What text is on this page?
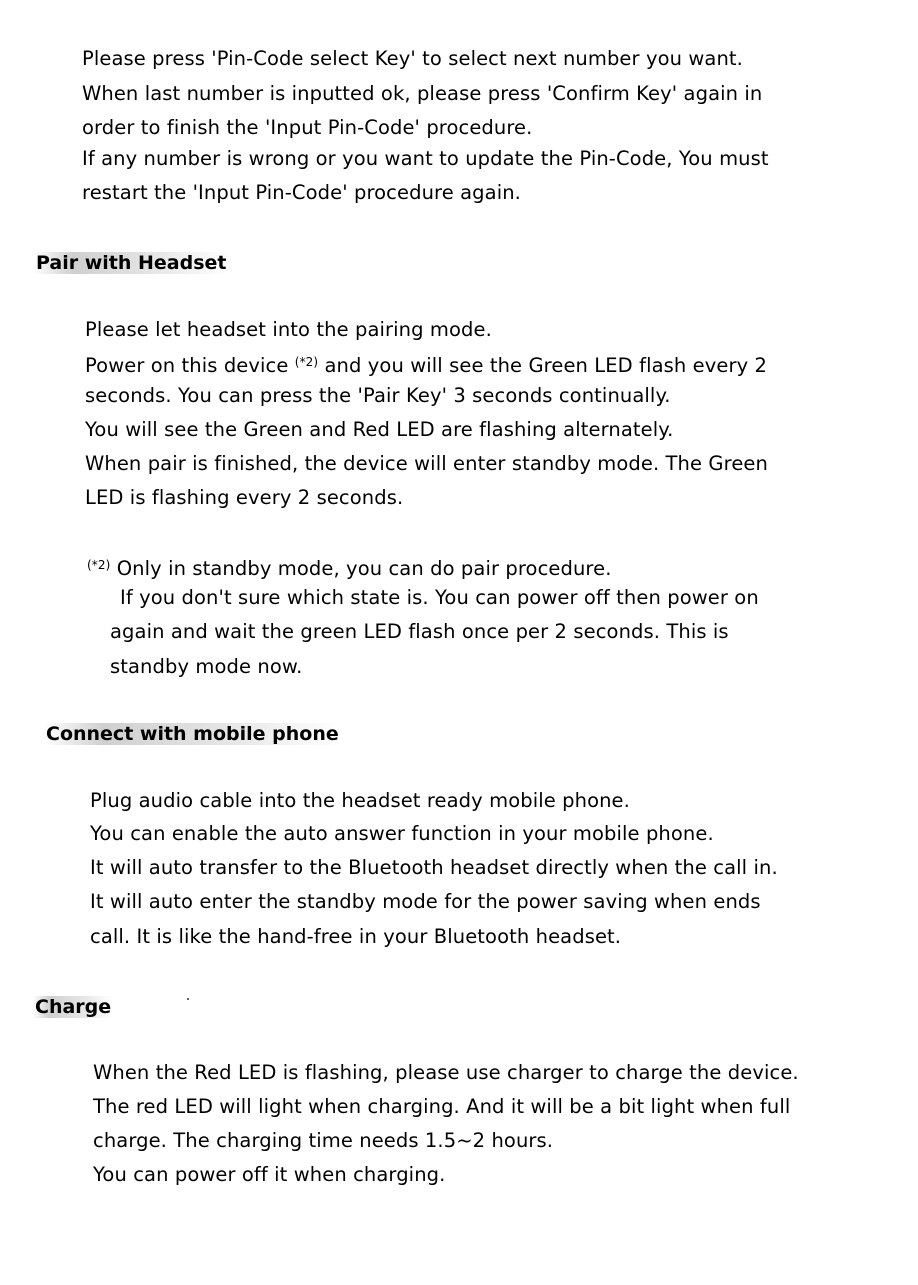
Please press 'Pin-Code select Key' to select next number you want.
When last number is inputted ok, please press 'Confirm Key' again in
order to finish the 'Input Pin-Code' procedure.
If any number is wrong or you want to update the Pin-Code, You must
restart the 'Input Pin-Code' procedure again.
Pair with Headset
Please let headset into the pairing mode.
Power on this device $^{(*2)}$ and you will see the Green LED flash every 2
seconds. You can press the 'Pair Key' 3 seconds continually.
You will see the Green and Red LED are flashing alternately.
When pair is finished, the device will enter standby mode. The Green
LED is flashing every 2 seconds.
$^{(*2)}$ Only in standby mode, you can do pair procedure.
If you don't sure which state is. You can power off then power on
again and wait the green LED flash once per 2 seconds. This is
standby mode now.
Connect with mobile phone
Plug audio cable into the headset ready mobile phone.
You can enable the auto answer function in your mobile phone.
It will auto transfer to the Bluetooth headset directly when the call in.
It will auto enter the standby mode for the power saving when ends
call. It is like the hand-free in your Bluetooth headset.
Charge
When the Red LED is flashing, please use charger to charge the device.
The red LED will light when charging. And it will be a bit light when full
charge. The charging time needs 1.5~2 hours.
You can power off it when charging.
